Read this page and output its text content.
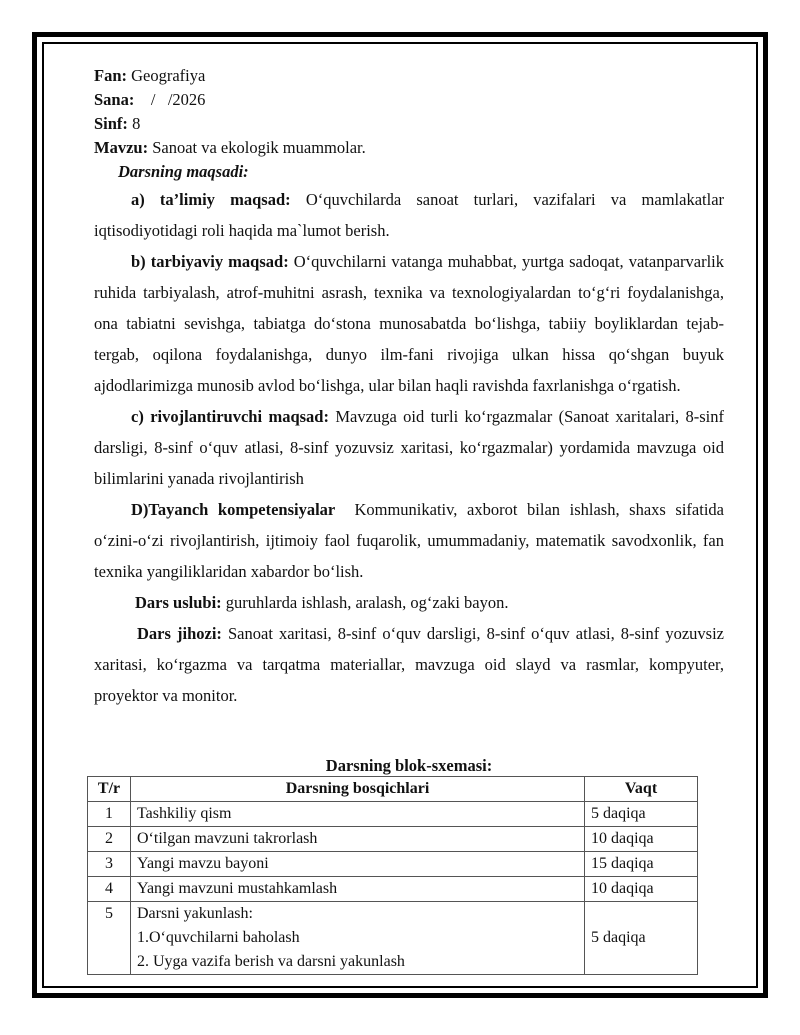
Fan: Geografiya

Sana: /   /2026

Sinf: 8

Mavzu: Sanoat va ekologik muammolar.

Darsning maqsadi:

a) ta’limiy maqsad: O‘quvchilarda sanoat turlari, vazifalari va mamlakatlar iqtisodiyotidagi roli haqida ma`lumot berish.

b) tarbiyaviy maqsad: O‘quvchilarni vatanga muhabbat, yurtga sadoqat, vatanparvarlik ruhida tarbiyalash, atrof-muhitni asrash, texnika va texnologiyalardan to‘g‘ri foydalanishga, ona tabiatni sevishga, tabiatga do‘stona munosabatda bo‘lishga, tabiiy boyliklardan tejab-tergab, oqilona foydalanishga, dunyo ilm-fani rivojiga ulkan hissa qo‘shgan buyuk ajdodlarimizga munosib avlod bo‘lishga, ular bilan haqli ravishda faxrlanishga o‘rgatish.

c) rivojlantiruvchi maqsad: Mavzuga oid turli ko‘rgazmalar (Sanoat xaritalari, 8-sinf darsligi, 8-sinf o‘quv atlasi, 8-sinf yozuvsiz xaritasi, ko‘rgazmalar) yordamida mavzuga oid bilimlarini yanada rivojlantirish

D)Tayanch kompetensiyalar Kommunikativ, axborot bilan ishlash, shaxs sifatida o‘zini-o‘zi rivojlantirish, ijtimoiy faol fuqarolik, umummadaniy, matematik savodxonlik, fan texnika yangiliklaridan xabardor bo‘lish.

Dars uslubi: guruhlarda ishlash, aralash, og‘zaki bayon.

Dars jihozi: Sanoat xaritasi, 8-sinf o‘quv darsligi, 8-sinf o‘quv atlasi, 8-sinf yozuvsiz xaritasi, ko‘rgazma va tarqatma materiallar, mavzuga oid slayd va rasmlar, kompyuter, proyektor va monitor.

Darsning blok-sxemasi:
T/r	Darsning bosqichlari	Vaqt
1	Tashkiliy qism	5 daqiqa
2	O‘tilgan mavzuni takrorlash	10 daqiqa
3	Yangi mavzu bayoni	15 daqiqa
4	Yangi mavzuni mustahkamlash	10 daqiqa
5	Darsni yakunlash:
1.O‘quvchilarni baholash
2. Uyga vazifa berish va darsni yakunlash	5 daqiqa
